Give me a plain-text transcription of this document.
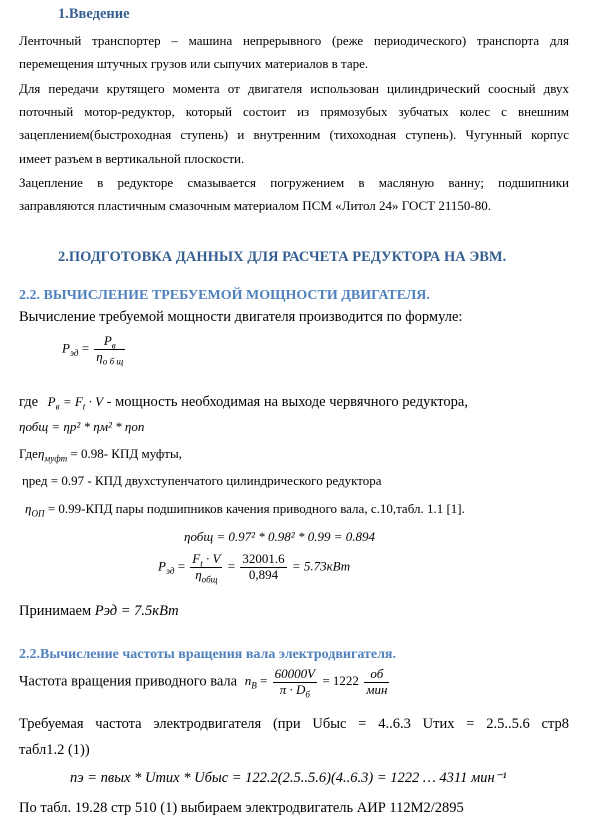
1.Введение
Ленточный транспортер – машина непрерывного (реже периодического) транспорта для
перемещения штучных грузов или сыпучих материалов в таре.
Для передачи крутящего момента от двигателя использован цилиндрический соосный двух
поточный мотор-редуктор, который состоит из прямозубых зубчатых колес с внешним
зацеплением(быстроходная ступень) и внутренним (тихоходная ступень). Чугунный корпус
имеет разъем в вертикальной плоскости.
Зацепление в редукторе смазывается погружением в масляную ванну; подшипники
заправляются пластичным смазочным материалом ПСМ «Литол 24» ГОСТ 21150-80.
2.ПОДГОТОВКА ДАННЫХ ДЛЯ РАСЧЕТА РЕДУКТОРА НА ЭВМ.
2.2. ВЫЧИСЛЕНИЕ ТРЕБУЕМОЙ МОЩНОСТИ ДВИГАТЕЛЯ.
Вычисление требуемой мощности двигателя производится по формуле:
$P_{эд} = \frac{P_в}{\eta_{о б щ}}$
где $P_в = F_t \cdot V$ - мощность необходимая на выходе червячного редуктора,
ηобщ = ηр² * ηм² * ηоп
Гдеη$_{муфт}$ = 0.98- КПД муфты,
ηред = 0.97 - КПД двухступенчатого цилиндрического редуктора
$\eta_{ОП} = 0.99-КПД$ пары подшипников качения приводного вала, с.10,табл. 1.1 [1].
ηобщ = 0.97² * 0.98² * 0.99 = 0.894
$P_{эд} = \frac{F_t \cdot V}{\eta_{общ}} = \frac{32001.6}{0,894} = 5.73кВт$
Принимаем Pэд = 7.5кВт
2.2.Вычисление частоты вращения вала электродвигателя.
Частота вращения приводного вала $n_В = \frac{60000V}{\pi \cdot D_б} = 1222 \frac{об}{\text{мин}}$
Требуемая частота электродвигателя (при Uбыс = 4..6.3 Uтих = 2.5..5.6 стр8
табл1.2 (1))
nэ = nвых * Uтих * Uбыс = 122.2(2.5..5.6)(4..6.3) = 1222 … 4311 мин⁻¹
По табл. 19.28 стр 510 (1) выбираем электродвигатель АИР 112М2/2895
